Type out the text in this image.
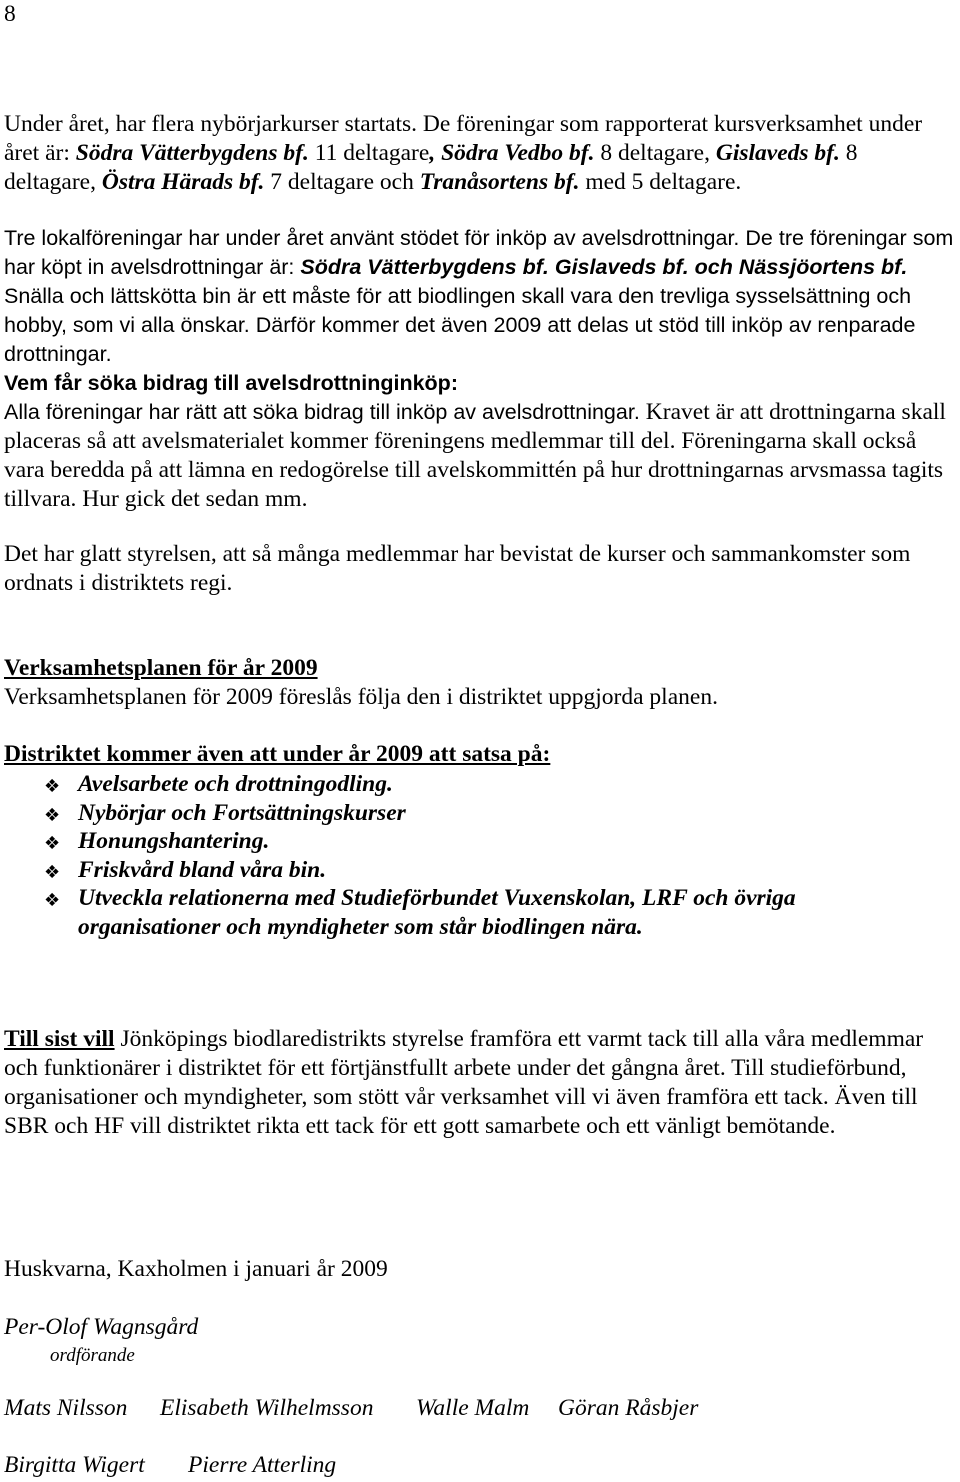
8

Under året, har flera nybörjarkurser startats. De föreningar som rapporterat kursverksamhet under året är: Södra Vätterbygdens bf. 11 deltagare, Södra Vedbo bf. 8 deltagare, Gislaveds bf. 8 deltagare, Östra Härads bf. 7 deltagare och Tranåsortens bf. med 5 deltagare.

Tre lokalföreningar har under året använt stödet för inköp av avelsdrottningar. De tre föreningar som har köpt in avelsdrottningar är: Södra Vätterbygdens bf. Gislaveds bf. och Nässjöortens bf. Snälla och lättskötta bin är ett måste för att biodlingen skall vara den trevliga sysselsättning och hobby, som vi alla önskar. Därför kommer det även 2009 att delas ut stöd till inköp av renparade drottningar.

Vem får söka bidrag till avelsdrottninginköp:
Alla föreningar har rätt att söka bidrag till inköp av avelsdrottningar. Kravet är att drottningarna skall placeras så att avelsmaterialet kommer föreningens medlemmar till del. Föreningarna skall också vara beredda på att lämna en redogörelse till avelskommittén på hur drottningarnas arvsmassa tagits tillvara. Hur gick det sedan mm.

Det har glatt styrelsen, att så många medlemmar har bevistat de kurser och sammankomster som ordnats i distriktets regi.

Verksamhetsplanen för år 2009
Verksamhetsplanen för 2009 föreslås följa den i distriktet uppgjorda planen.
Distriktet kommer även att under år 2009 att satsa på:
❖ Avelsarbete och drottningodling.
❖ Nybörjar och Fortsättningskurser
❖ Honungshantering.
❖ Friskvård bland våra bin.
❖ Utveckla relationerna med Studieförbundet Vuxenskolan, LRF och övriga organisationer och myndigheter som står biodlingen nära.

Till sist vill Jönköpings biodlaredistrikts styrelse framföra ett varmt tack till alla våra medlemmar och funktionärer i distriktet för ett förtjänstfullt arbete under det gångna året. Till studieförbund, organisationer och myndigheter, som stött vår verksamhet vill vi även framföra ett tack. Även till SBR och HF vill distriktet rikta ett tack för ett gott samarbete och ett vänligt bemötande.

Huskvarna, Kaxholmen i januari år 2009
Per-Olof Wagnsgård
ordförande
Mats Nilsson Elisabeth Wilhelmsson Walle Malm Göran Råsbjer
Birgitta Wigert Pierre Atterling
